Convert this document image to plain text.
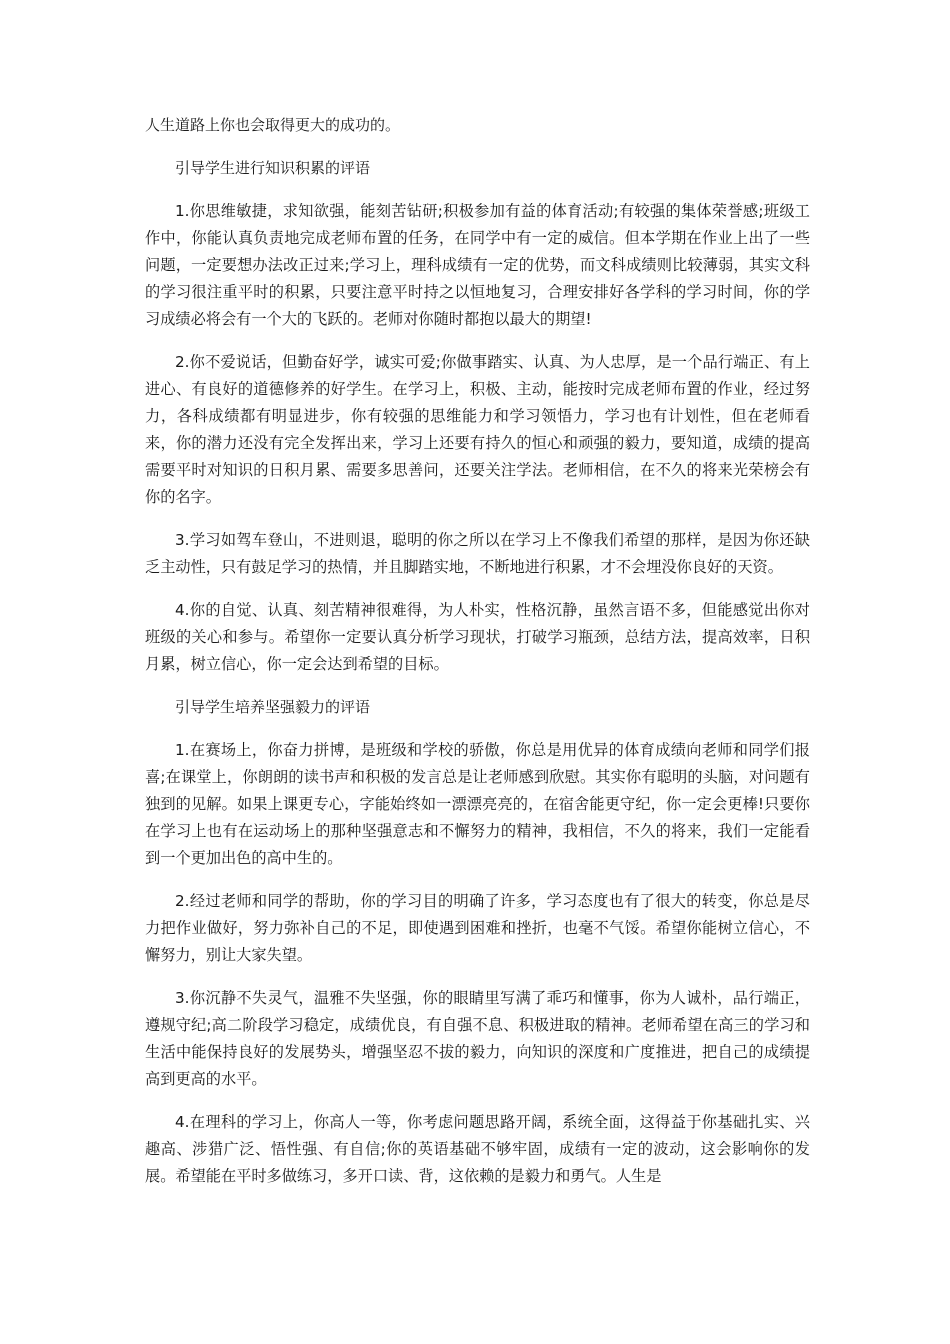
人生道路上你也会取得更大的成功的。

引导学生进行知识积累的评语

1.你思维敏捷，求知欲强，能刻苦钻研;积极参加有益的体育活动;有较强的集体荣誉感;班级工作中，你能认真负责地完成老师布置的任务，在同学中有一定的威信。但本学期在作业上出了一些问题，一定要想办法改正过来;学习上，理科成绩有一定的优势，而文科成绩则比较薄弱，其实文科的学习很注重平时的积累，只要注意平时持之以恒地复习，合理安排好各学科的学习时间，你的学习成绩必将会有一个大的飞跃的。老师对你随时都抱以最大的期望!

2.你不爱说话，但勤奋好学，诚实可爱;你做事踏实、认真、为人忠厚，是一个品行端正、有上进心、有良好的道德修养的好学生。在学习上，积极、主动，能按时完成老师布置的作业，经过努力，各科成绩都有明显进步，你有较强的思维能力和学习领悟力，学习也有计划性，但在老师看来，你的潜力还没有完全发挥出来，学习上还要有持久的恒心和顽强的毅力，要知道，成绩的提高需要平时对知识的日积月累、需要多思善问，还要关注学法。老师相信，在不久的将来光荣榜会有你的名字。

3.学习如驾车登山，不进则退，聪明的你之所以在学习上不像我们希望的那样，是因为你还缺乏主动性，只有鼓足学习的热情，并且脚踏实地，不断地进行积累，才不会埋没你良好的天资。

4.你的自觉、认真、刻苦精神很难得，为人朴实，性格沉静，虽然言语不多，但能感觉出你对班级的关心和参与。希望你一定要认真分析学习现状，打破学习瓶颈，总结方法，提高效率，日积月累，树立信心，你一定会达到希望的目标。

引导学生培养坚强毅力的评语

1.在赛场上，你奋力拼博，是班级和学校的骄傲，你总是用优异的体育成绩向老师和同学们报喜;在课堂上，你朗朗的读书声和积极的发言总是让老师感到欣慰。其实你有聪明的头脑，对问题有独到的见解。如果上课更专心，字能始终如一漂漂亮亮的，在宿舍能更守纪，你一定会更棒!只要你在学习上也有在运动场上的那种坚强意志和不懈努力的精神，我相信，不久的将来，我们一定能看到一个更加出色的高中生的。

2.经过老师和同学的帮助，你的学习目的明确了许多，学习态度也有了很大的转变，你总是尽力把作业做好，努力弥补自己的不足，即使遇到困难和挫折，也毫不气馁。希望你能树立信心，不懈努力，别让大家失望。

3.你沉静不失灵气，温雅不失坚强，你的眼睛里写满了乖巧和懂事，你为人诚朴，品行端正，遵规守纪;高二阶段学习稳定，成绩优良，有自强不息、积极进取的精神。老师希望在高三的学习和生活中能保持良好的发展势头，增强坚忍不拔的毅力，向知识的深度和广度推进，把自己的成绩提高到更高的水平。

4.在理科的学习上，你高人一等，你考虑问题思路开阔，系统全面，这得益于你基础扎实、兴趣高、涉猎广泛、悟性强、有自信;你的英语基础不够牢固，成绩有一定的波动，这会影响你的发展。希望能在平时多做练习，多开口读、背，这依赖的是毅力和勇气。人生是
